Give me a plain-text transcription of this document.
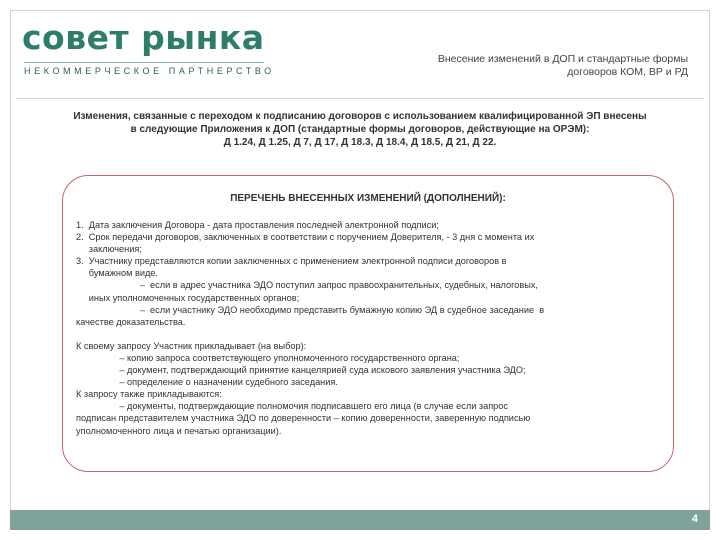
совет рынка
НЕКОММЕРЧЕСКОЕ ПАРТНЕРСТВО
Внесение изменений в ДОП и стандартные формы
договоров КОМ, ВР и РД
Изменения, связанные с переходом к подписанию договоров с использованием квалифицированной ЭП внесены
в следующие Приложения к ДОП (стандартные формы договоров, действующие на ОРЭМ):
Д 1.24, Д 1.25, Д 7, Д 17, Д 18.3, Д 18.4, Д 18.5, Д 21, Д 22.
ПЕРЕЧЕНЬ ВНЕСЕННЫХ ИЗМЕНЕНИЙ (ДОПОЛНЕНИЙ):
1.  Дата заключения Договора - дата проставления последней электронной подписи;
2.  Срок передачи договоров, заключенных в соответствии с поручением Доверителя, - 3 дня с момента их
заключения;
3.  Участнику представляются копии заключенных с применением электронной подписи договоров в
бумажном виде.
–  если в адрес участника ЭДО поступил запрос правоохранительных, судебных, налоговых,
иных уполномоченных государственных органов;
–  если участнику ЭДО необходимо представить бумажную копию ЭД в судебное заседание  в
качестве доказательства.
К своему запросу Участник прикладывает (на выбор):
– копию запроса соответствующего уполномоченного государственного органа;
– документ, подтверждающий принятие канцелярией суда искового заявления участника ЭДО;
– определение о назначении судебного заседания.
К запросу также прикладываются:
– документы, подтверждающие полномочия подписавшего его лица (в случае если запрос
подписан представителем участника ЭДО по доверенности – копию доверенности, заверенную подписью
уполномоченного лица и печатью организации).
4
